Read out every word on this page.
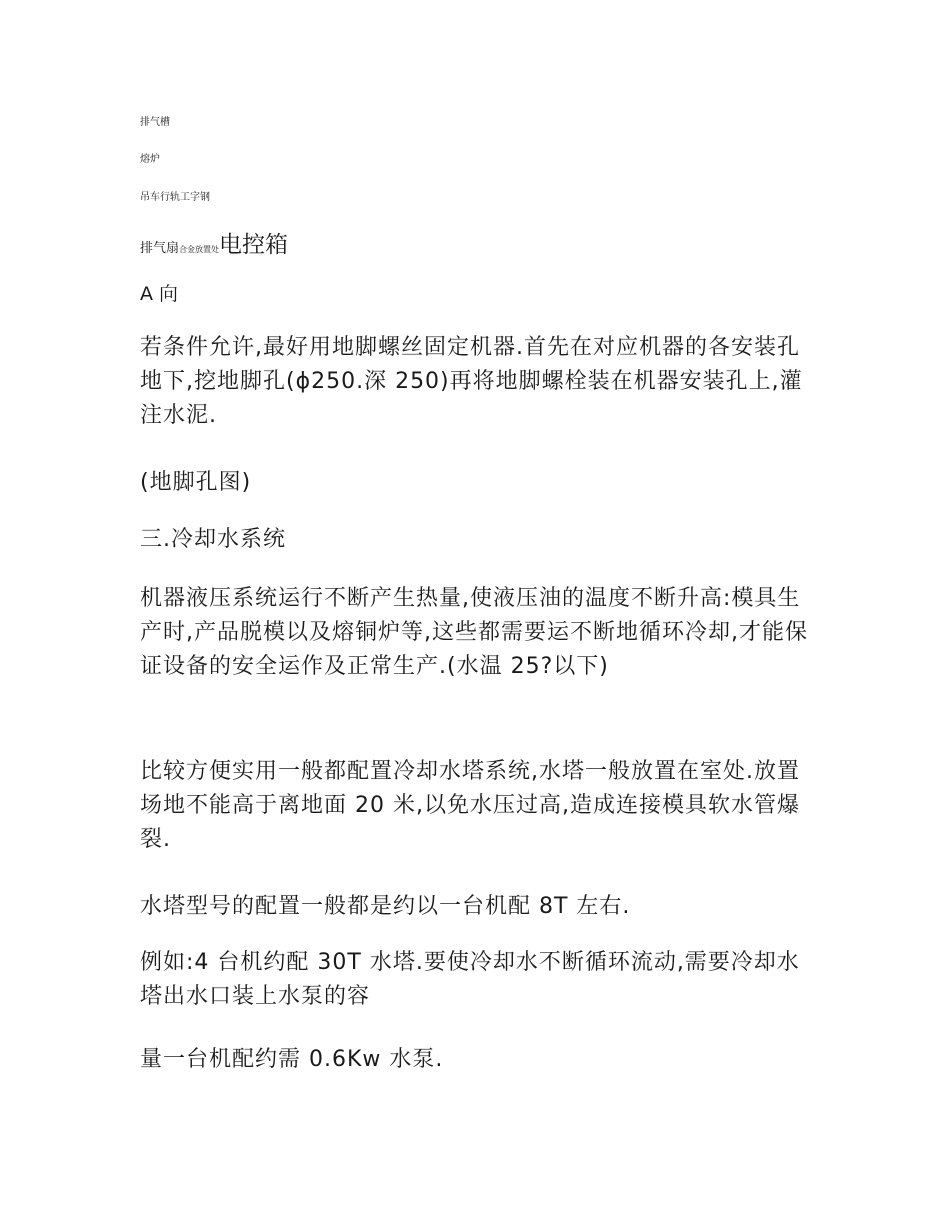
排气槽
熔炉
吊车行轨工字钢
排气扇合金放置处电控箱
A 向

若条件允许,最好用地脚螺丝固定机器.首先在对应机器的各安装孔地下,挖地脚孔(ϕ250.深 250)再将地脚螺栓装在机器安装孔上,灌注水泥.

(地脚孔图)

三.冷却水系统

机器液压系统运行不断产生热量,使液压油的温度不断升高:模具生产时,产品脱模以及熔铜炉等,这些都需要运不断地循环冷却,才能保证设备的安全运作及正常生产.(水温 25?以下)

比较方便实用一般都配置冷却水塔系统,水塔一般放置在室处.放置场地不能高于离地面 20 米,以免水压过高,造成连接模具软水管爆裂.

水塔型号的配置一般都是约以一台机配 8T 左右.

例如:4 台机约配 30T 水塔.要使冷却水不断循环流动,需要冷却水塔出水口装上水泵的容

量一台机配约需 0.6Kw 水泵.
